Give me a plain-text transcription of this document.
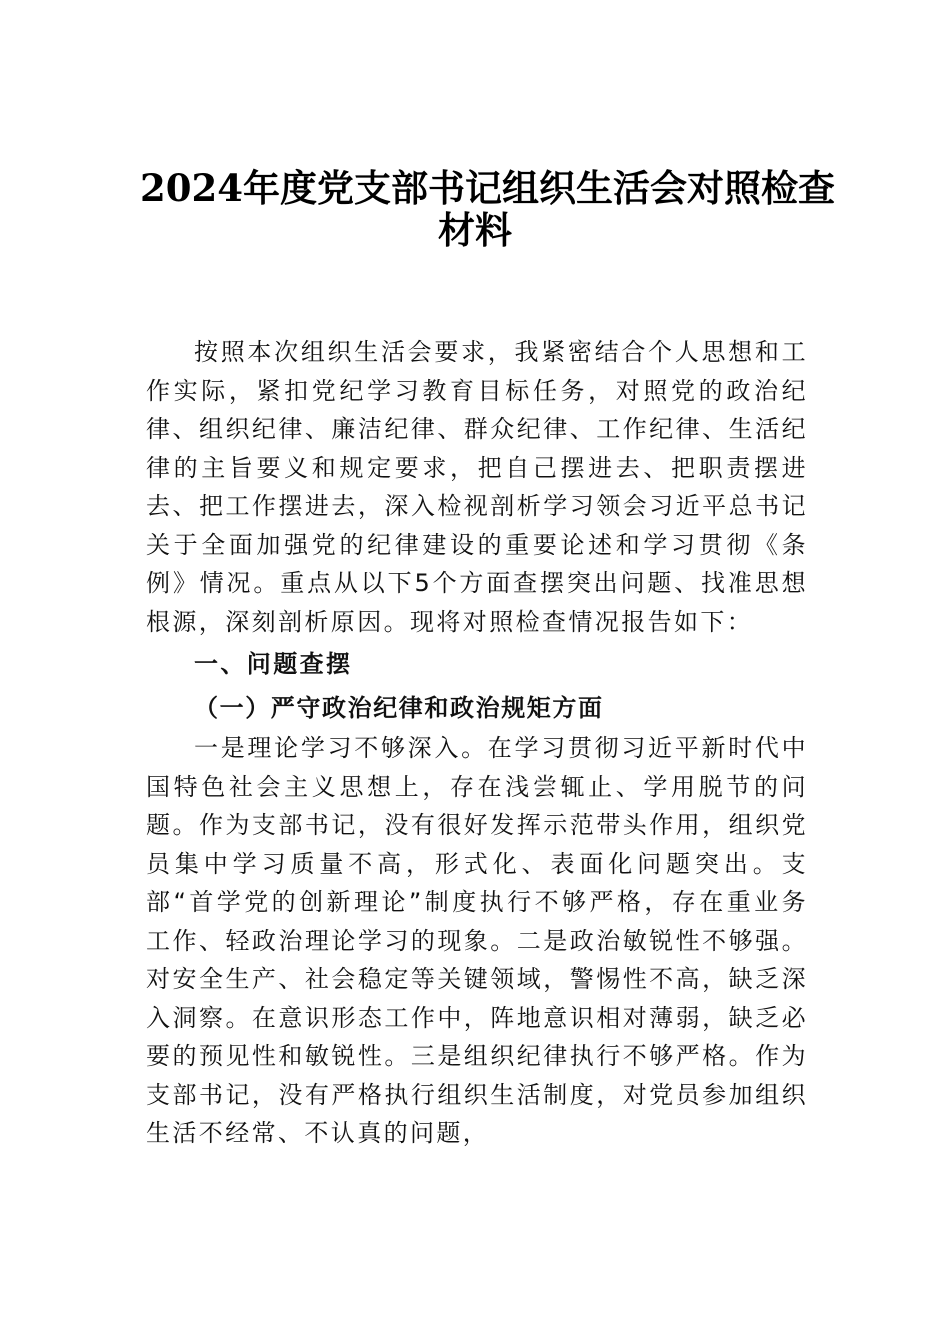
2024年度党支部书记组织生活会对照检查
材料

按照本次组织生活会要求，我紧密结合个人思想和工作实际，紧扣党纪学习教育目标任务，对照党的政治纪律、组织纪律、廉洁纪律、群众纪律、工作纪律、生活纪律的主旨要义和规定要求，把自己摆进去、把职责摆进去、把工作摆进去，深入检视剖析学习领会习近平总书记关于全面加强党的纪律建设的重要论述和学习贯彻《条例》情况。重点从以下5个方面查摆突出问题、找准思想根源，深刻剖析原因。现将对照检查情况报告如下：

一、问题查摆

（一）严守政治纪律和政治规矩方面

一是理论学习不够深入。在学习贯彻习近平新时代中国特色社会主义思想上，存在浅尝辄止、学用脱节的问题。作为支部书记，没有很好发挥示范带头作用，组织党员集中学习质量不高，形式化、表面化问题突出。支部“首学党的创新理论”制度执行不够严格，存在重业务工作、轻政治理论学习的现象。二是政治敏锐性不够强。对安全生产、社会稳定等关键领域，警惕性不高，缺乏深入洞察。在意识形态工作中，阵地意识相对薄弱，缺乏必要的预见性和敏锐性。三是组织纪律执行不够严格。作为支部书记，没有严格执行组织生活制度，对党员参加组织生活不经常、不认真的问题，
